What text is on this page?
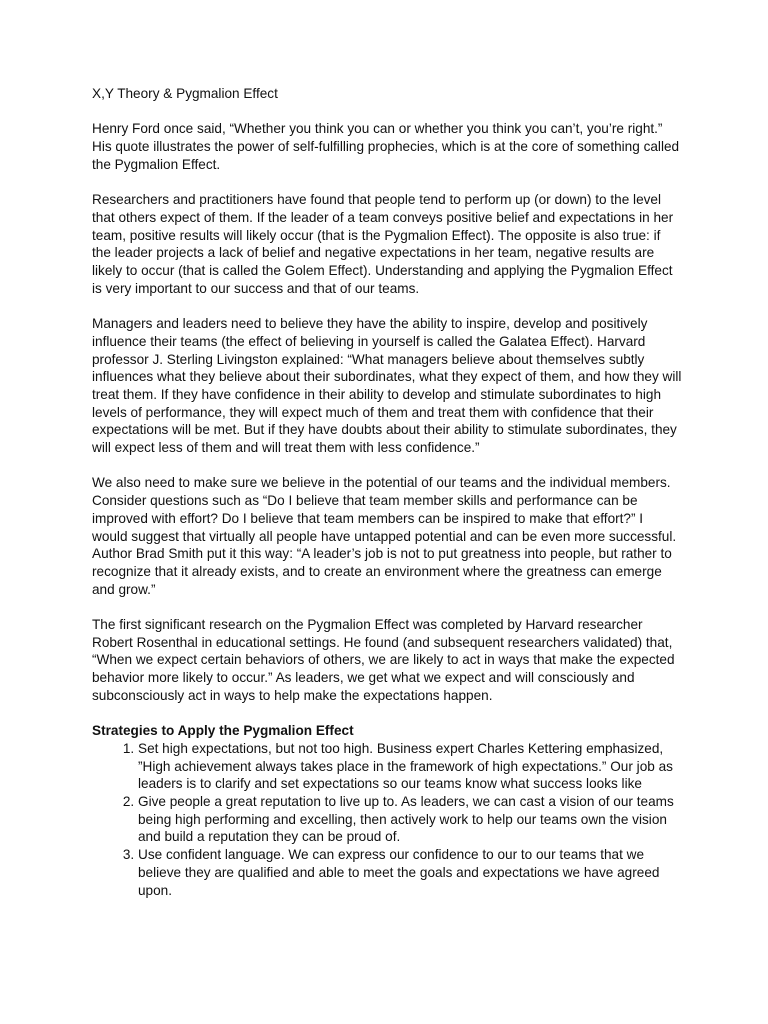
X,Y Theory & Pygmalion Effect

Henry Ford once said, “Whether you think you can or whether you think you can’t, you’re right.” His quote illustrates the power of self-fulfilling prophecies, which is at the core of something called the Pygmalion Effect.

Researchers and practitioners have found that people tend to perform up (or down) to the level that others expect of them. If the leader of a team conveys positive belief and expectations in her team, positive results will likely occur (that is the Pygmalion Effect). The opposite is also true: if the leader projects a lack of belief and negative expectations in her team, negative results are likely to occur (that is called the Golem Effect). Understanding and applying the Pygmalion Effect is very important to our success and that of our teams.

Managers and leaders need to believe they have the ability to inspire, develop and positively influence their teams (the effect of believing in yourself is called the Galatea Effect). Harvard professor J. Sterling Livingston explained: “What managers believe about themselves subtly influences what they believe about their subordinates, what they expect of them, and how they will treat them. If they have confidence in their ability to develop and stimulate subordinates to high levels of performance, they will expect much of them and treat them with confidence that their expectations will be met. But if they have doubts about their ability to stimulate subordinates, they will expect less of them and will treat them with less confidence.”

We also need to make sure we believe in the potential of our teams and the individual members. Consider questions such as “Do I believe that team member skills and performance can be improved with effort? Do I believe that team members can be inspired to make that effort?” I would suggest that virtually all people have untapped potential and can be even more successful. Author Brad Smith put it this way: “A leader’s job is not to put greatness into people, but rather to recognize that it already exists, and to create an environment where the greatness can emerge and grow.”

The first significant research on the Pygmalion Effect was completed by Harvard researcher Robert Rosenthal in educational settings. He found (and subsequent researchers validated) that, “When we expect certain behaviors of others, we are likely to act in ways that make the expected behavior more likely to occur.” As leaders, we get what we expect and will consciously and subconsciously act in ways to help make the expectations happen.

Strategies to Apply the Pygmalion Effect
1. Set high expectations, but not too high. Business expert Charles Kettering emphasized, ”High achievement always takes place in the framework of high expectations.” Our job as leaders is to clarify and set expectations so our teams know what success looks like
2. Give people a great reputation to live up to. As leaders, we can cast a vision of our teams being high performing and excelling, then actively work to help our teams own the vision and build a reputation they can be proud of.
3. Use confident language. We can express our confidence to our to our teams that we believe they are qualified and able to meet the goals and expectations we have agreed upon.
